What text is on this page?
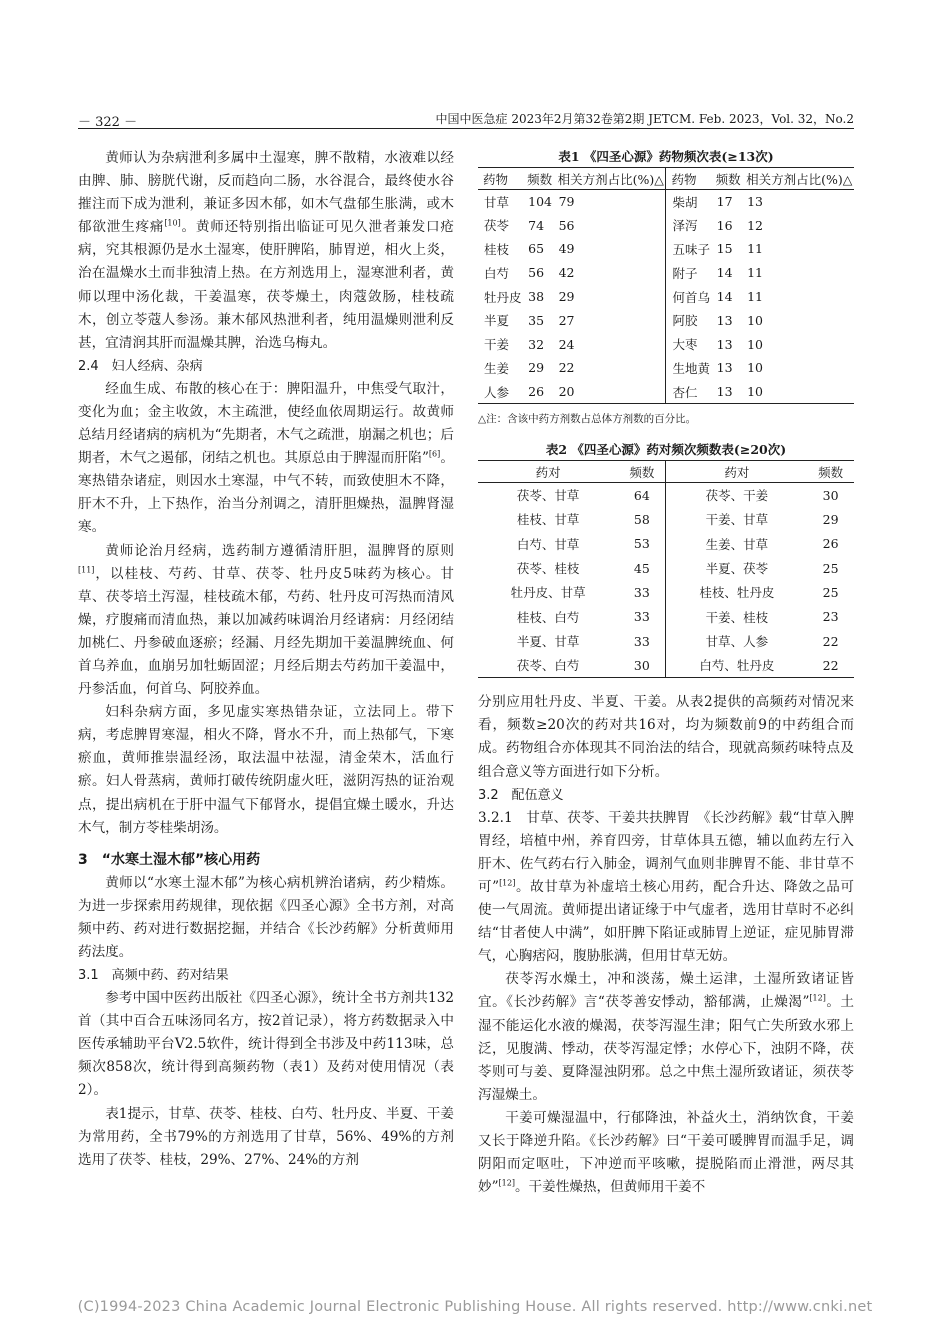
－ 322 －	中国中医急症 2023年2月第32卷第2期 JETCM. Feb. 2023，Vol. 32，No.2

黄师认为杂病泄利多属中土湿寒，脾不散精，水液难以经由脾、肺、膀胱代谢，反而趋向二肠，水谷混合，最终使水谷摧注而下成为泄利，兼证多因木郁，如木气盘郁生胀满，或木郁欲泄生疼痛[10]。黄师还特别指出临证可见久泄者兼发口疮病，究其根源仍是水土湿寒，使肝脾陷，肺胃逆，相火上炎，治在温燥水土而非独清上热。在方剂选用上，湿寒泄利者，黄师以理中汤化裁，干姜温寒，茯苓燥土，肉蔻敛肠，桂枝疏木，创立苓蔻人参汤。兼木郁风热泄利者，纯用温燥则泄利反甚，宜清润其肝而温燥其脾，治选乌梅丸。

2.4　妇人经病、杂病

经血生成、布散的核心在于：脾阳温升，中焦受气取汁，变化为血；金主收敛，木主疏泄，使经血依周期运行。故黄师总结月经诸病的病机为“先期者，木气之疏泄，崩漏之机也；后期者，木气之遏郁，闭结之机也。其原总由于脾湿而肝陷”[6]。寒热错杂诸症，则因水土寒湿，中气不转，而致使胆木不降，肝木不升，上下热作，治当分剂调之，清肝胆燥热，温脾肾湿寒。

黄师论治月经病，选药制方遵循清肝胆，温脾肾的原则[11]，以桂枝、芍药、甘草、茯苓、牡丹皮5味药为核心。甘草、茯苓培土泻湿，桂枝疏木郁，芍药、牡丹皮可泻热而清风燥，疗腹痛而清血热，兼以加减药味调治月经诸病：月经闭结加桃仁、丹参破血逐瘀；经漏、月经先期加干姜温脾统血、何首乌养血，血崩另加牡蛎固涩；月经后期去芍药加干姜温中，丹参活血，何首乌、阿胶养血。

妇科杂病方面，多见虚实寒热错杂证，立法同上。带下病，考虑脾胃寒湿，相火不降，肾水不升，而上热郁气，下寒瘀血，黄师推崇温经汤，取法温中祛湿，清金荣木，活血行瘀。妇人骨蒸病，黄师打破传统阴虚火旺，滋阴泻热的证治观点，提出病机在于肝中温气下郁肾水，提倡宜燥土暖水，升达木气，制方苓桂柴胡汤。

3　“水寒土湿木郁”核心用药

黄师以“水寒土湿木郁”为核心病机辨治诸病，药少精炼。为进一步探索用药规律，现依据《四圣心源》全书方剂，对高频中药、药对进行数据挖掘，并结合《长沙药解》分析黄师用药法度。

3.1　高频中药、药对结果

参考中国中医药出版社《四圣心源》，统计全书方剂共132首（其中百合五味汤同名方，按2首记录），将方药数据录入中医传承辅助平台V2.5软件，统计得到全书涉及中药113味，总频次858次，统计得到高频药物（表1）及药对使用情况（表2）。

表1提示，甘草、茯苓、桂枝、白芍、牡丹皮、半夏、干姜为常用药，全书79%的方剂选用了甘草，56%、49%的方剂选用了茯苓、桂枝，29%、27%、24%的方剂

表1 《四圣心源》药物频次表(≥13次)
药物	频数	相关方剂占比(%)△	药物	频数	相关方剂占比(%)△
甘草	104	79	柴胡	17	13
茯苓	74	56	泽泻	16	12
桂枝	65	49	五味子	15	11
白芍	56	42	附子	14	11
牡丹皮	38	29	何首乌	14	11
半夏	35	27	阿胶	13	10
干姜	32	24	大枣	13	10
生姜	29	22	生地黄	13	10
人参	26	20	杏仁	13	10
△注：含该中药方剂数占总体方剂数的百分比。
表2 《四圣心源》药对频次频数表(≥20次)
药对	频数	药对	频数
茯苓、甘草	64	茯苓、干姜	30
桂枝、甘草	58	干姜、甘草	29
白芍、甘草	53	生姜、甘草	26
茯苓、桂枝	45	半夏、茯苓	25
牡丹皮、甘草	33	桂枝、牡丹皮	25
桂枝、白芍	33	干姜、桂枝	23
半夏、甘草	33	甘草、人参	22
茯苓、白芍	30	白芍、牡丹皮	22

分别应用牡丹皮、半夏、干姜。从表2提供的高频药对情况来看，频数≥20次的药对共16对，均为频数前9的中药组合而成。药物组合亦体现其不同治法的结合，现就高频药味特点及组合意义等方面进行如下分析。

3.2　配伍意义

3.2.1　甘草、茯苓、干姜共扶脾胃　《长沙药解》载“甘草入脾胃经，培植中州，养育四旁，甘草体具五德，辅以血药左行入肝木、佐气药右行入肺金，调剂气血则非脾胃不能、非甘草不可”[12]。故甘草为补虚培土核心用药，配合升达、降敛之品可使一气周流。黄师提出诸证缘于中气虚者，选用甘草时不必纠结“甘者使人中满”，如肝脾下陷证或肺胃上逆证，症见肺胃滞气，心胸痞闷，腹胁胀满，但用甘草无妨。

茯苓泻水燥土，冲和淡荡，燥土运津，土湿所致诸证皆宜。《长沙药解》言“茯苓善安悸动，豁郁满，止燥渴”[12]。土湿不能运化水液的燥渴，茯苓泻湿生津；阳气亡失所致水邪上泛，见腹满、悸动，茯苓泻湿定悸；水停心下，浊阴不降，茯苓则可与姜、夏降湿浊阴邪。总之中焦土湿所致诸证，须茯苓泻湿燥土。

干姜可燥湿温中，行郁降浊，补益火土，消纳饮食，干姜又长于降逆升陷。《长沙药解》曰“干姜可暖脾胃而温手足，调阴阳而定呕吐，下冲逆而平咳嗽，提脱陷而止滑泄，两尽其妙”[12]。干姜性燥热，但黄师用干姜不

(C)1994-2023 China Academic Journal Electronic Publishing House. All rights reserved. http://www.cnki.net
